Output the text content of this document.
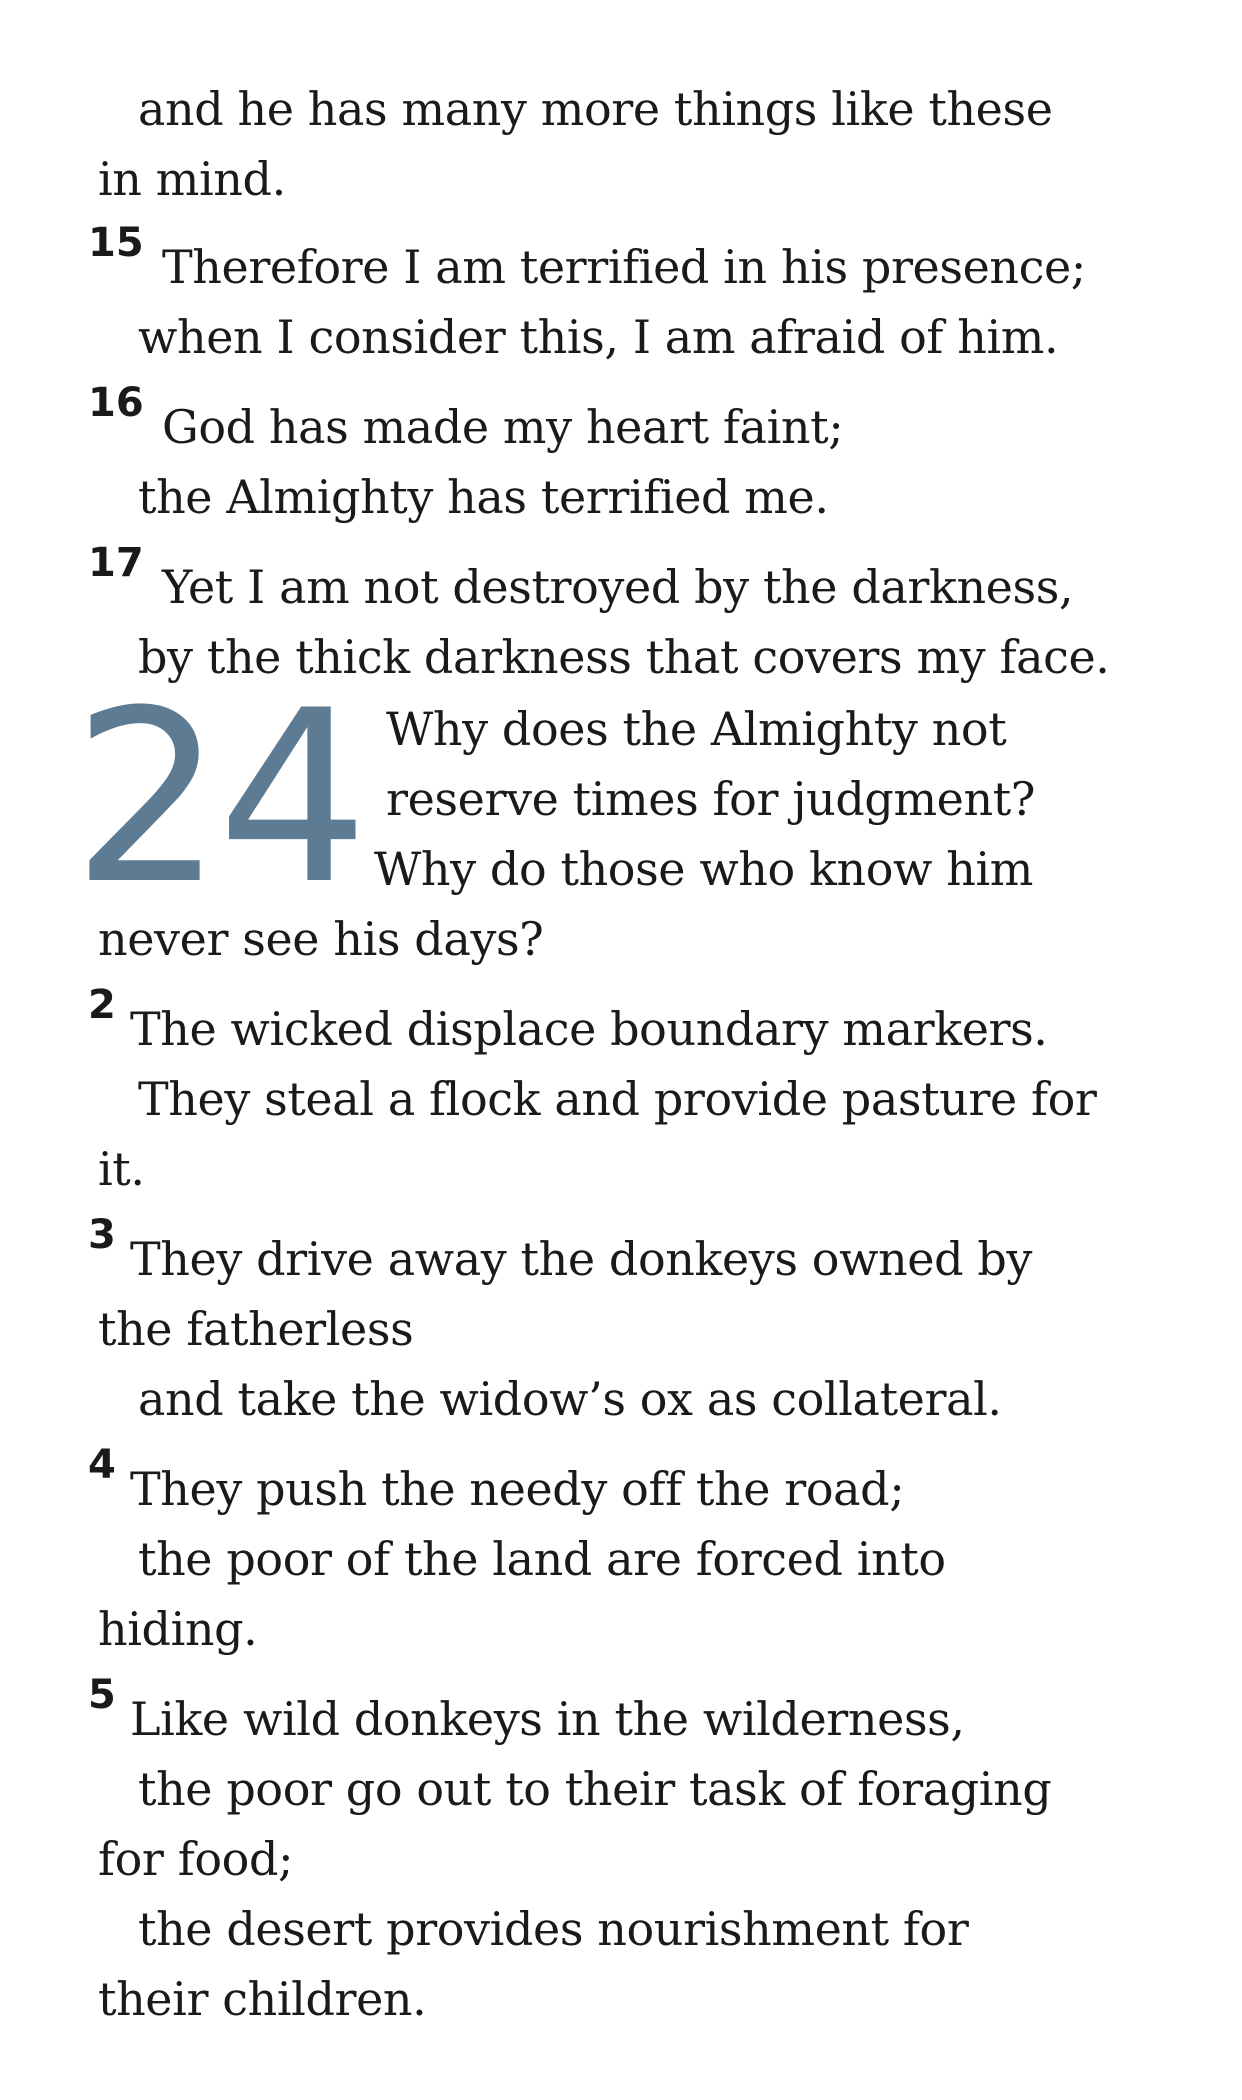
and he has many more things like these
in mind.
15 Therefore I am terrified in his presence;
when I consider this, I am afraid of him.
16 God has made my heart faint;
the Almighty has terrified me.
17 Yet I am not destroyed by the darkness,
by the thick darkness that covers my face.
24 Why does the Almighty not
reserve times for judgment?
Why do those who know him
never see his days?
2 The wicked displace boundary markers.
They steal a flock and provide pasture for
it.
3 They drive away the donkeys owned by
the fatherless
and take the widow’s ox as collateral.
4 They push the needy off the road;
the poor of the land are forced into
hiding.
5 Like wild donkeys in the wilderness,
the poor go out to their task of foraging
for food;
the desert provides nourishment for
their children.
